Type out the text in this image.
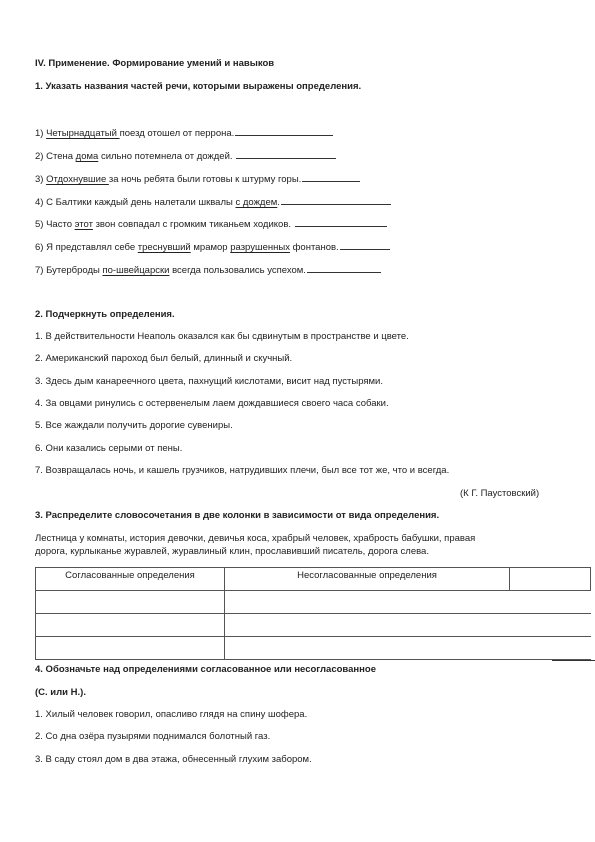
IV. Применение. Формирование умений и навыков
1. Указать названия частей речи, которыми выражены определения.
1) Четырнадцатый поезд отошел от перрона.
2) Стена дома сильно потемнела от дождей.
3) Отдохнувшие за ночь ребята были готовы к штурму горы.
4) С Балтики каждый день налетали шквалы с дождем.
5) Часто этот звон совпадал с громким тиканьем ходиков.
6) Я представлял себе треснувший мрамор разрушенных фонтанов.
7) Бутерброды по-швейцарски всегда пользовались успехом.
2. Подчеркнуть определения.
1. В действительности Неаполь оказался как бы сдвинутым в пространстве и цвете.
2. Американский пароход был белый, длинный и скучный.
3. Здесь дым канареечного цвета, пахнущий кислотами, висит над пустырями.
4. За овцами ринулись с остервенелым лаем дождавшиеся своего часа собаки.
5. Все жаждали получить дорогие сувениры.
6. Они казались серыми от пены.
7. Возвращалась ночь, и кашель грузчиков, натрудивших плечи, был все тот же, что и всегда.
(К Г. Паустовский)
3. Распределите словосочетания в две колонки в зависимости от вида определения.
Лестница у комнаты, история девочки, девичья коса, храбрый человек, храбрость бабушки, правая
дорога, курлыканье журавлей, журавлиный клин, прославивший писатель, дорога слева.
Согласованные определения	Несогласованные определения	

4. Обозначьте над определениями согласованное или несогласованное
(С. или Н.).
1. Хилый человек говорил, опасливо глядя на спину шофера.
2. Со дна озёра пузырями поднимался болотный газ.
3. В саду стоял дом в два этажа, обнесенный глухим забором.
